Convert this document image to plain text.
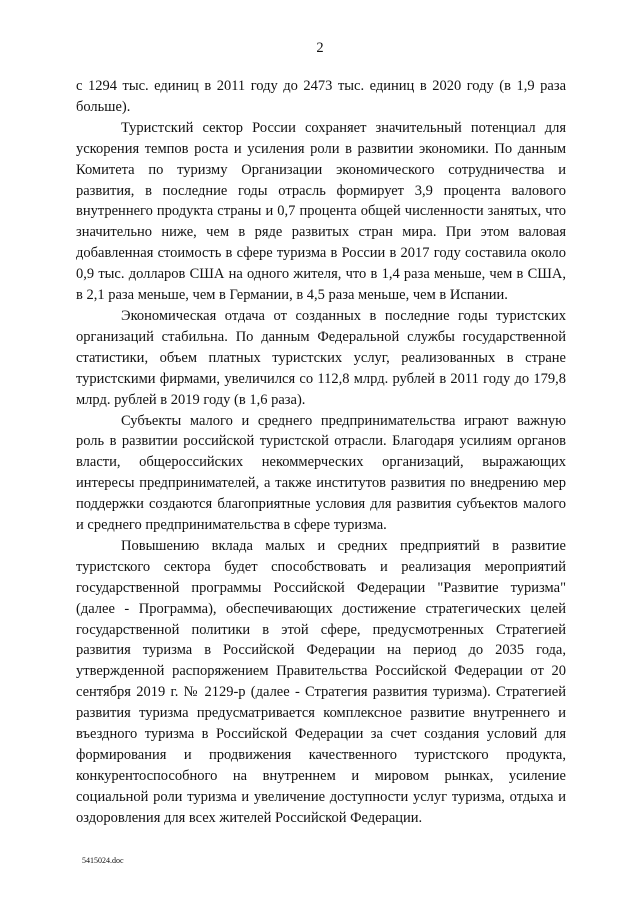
2

с 1294 тыс. единиц в 2011 году до 2473 тыс. единиц в 2020 году (в 1,9 раза больше).

Туристский сектор России сохраняет значительный потенциал для ускорения темпов роста и усиления роли в развитии экономики. По данным Комитета по туризму Организации экономического сотрудничества и развития, в последние годы отрасль формирует 3,9 процента валового внутреннего продукта страны и 0,7 процента общей численности занятых, что значительно ниже, чем в ряде развитых стран мира. При этом валовая добавленная стоимость в сфере туризма в России в 2017 году составила около 0,9 тыс. долларов США на одного жителя, что в 1,4 раза меньше, чем в США, в 2,1 раза меньше, чем в Германии, в 4,5 раза меньше, чем в Испании.

Экономическая отдача от созданных в последние годы туристских организаций стабильна. По данным Федеральной службы государственной статистики, объем платных туристских услуг, реализованных в стране туристскими фирмами, увеличился со 112,8 млрд. рублей в 2011 году до 179,8 млрд. рублей в 2019 году (в 1,6 раза).

Субъекты малого и среднего предпринимательства играют важную роль в развитии российской туристской отрасли. Благодаря усилиям органов власти, общероссийских некоммерческих организаций, выражающих интересы предпринимателей, а также институтов развития по внедрению мер поддержки создаются благоприятные условия для развития субъектов малого и среднего предпринимательства в сфере туризма.

Повышению вклада малых и средних предприятий в развитие туристского сектора будет способствовать и реализация мероприятий государственной программы Российской Федерации "Развитие туризма" (далее - Программа), обеспечивающих достижение стратегических целей государственной политики в этой сфере, предусмотренных Стратегией развития туризма в Российской Федерации на период до 2035 года, утвержденной распоряжением Правительства Российской Федерации от 20 сентября 2019 г. № 2129-р (далее - Стратегия развития туризма). Стратегией развития туризма предусматривается комплексное развитие внутреннего и въездного туризма в Российской Федерации за счет создания условий для формирования и продвижения качественного туристского продукта, конкурентоспособного на внутреннем и мировом рынках, усиление социальной роли туризма и увеличение доступности услуг туризма, отдыха и оздоровления для всех жителей Российской Федерации.

5415024.doc
